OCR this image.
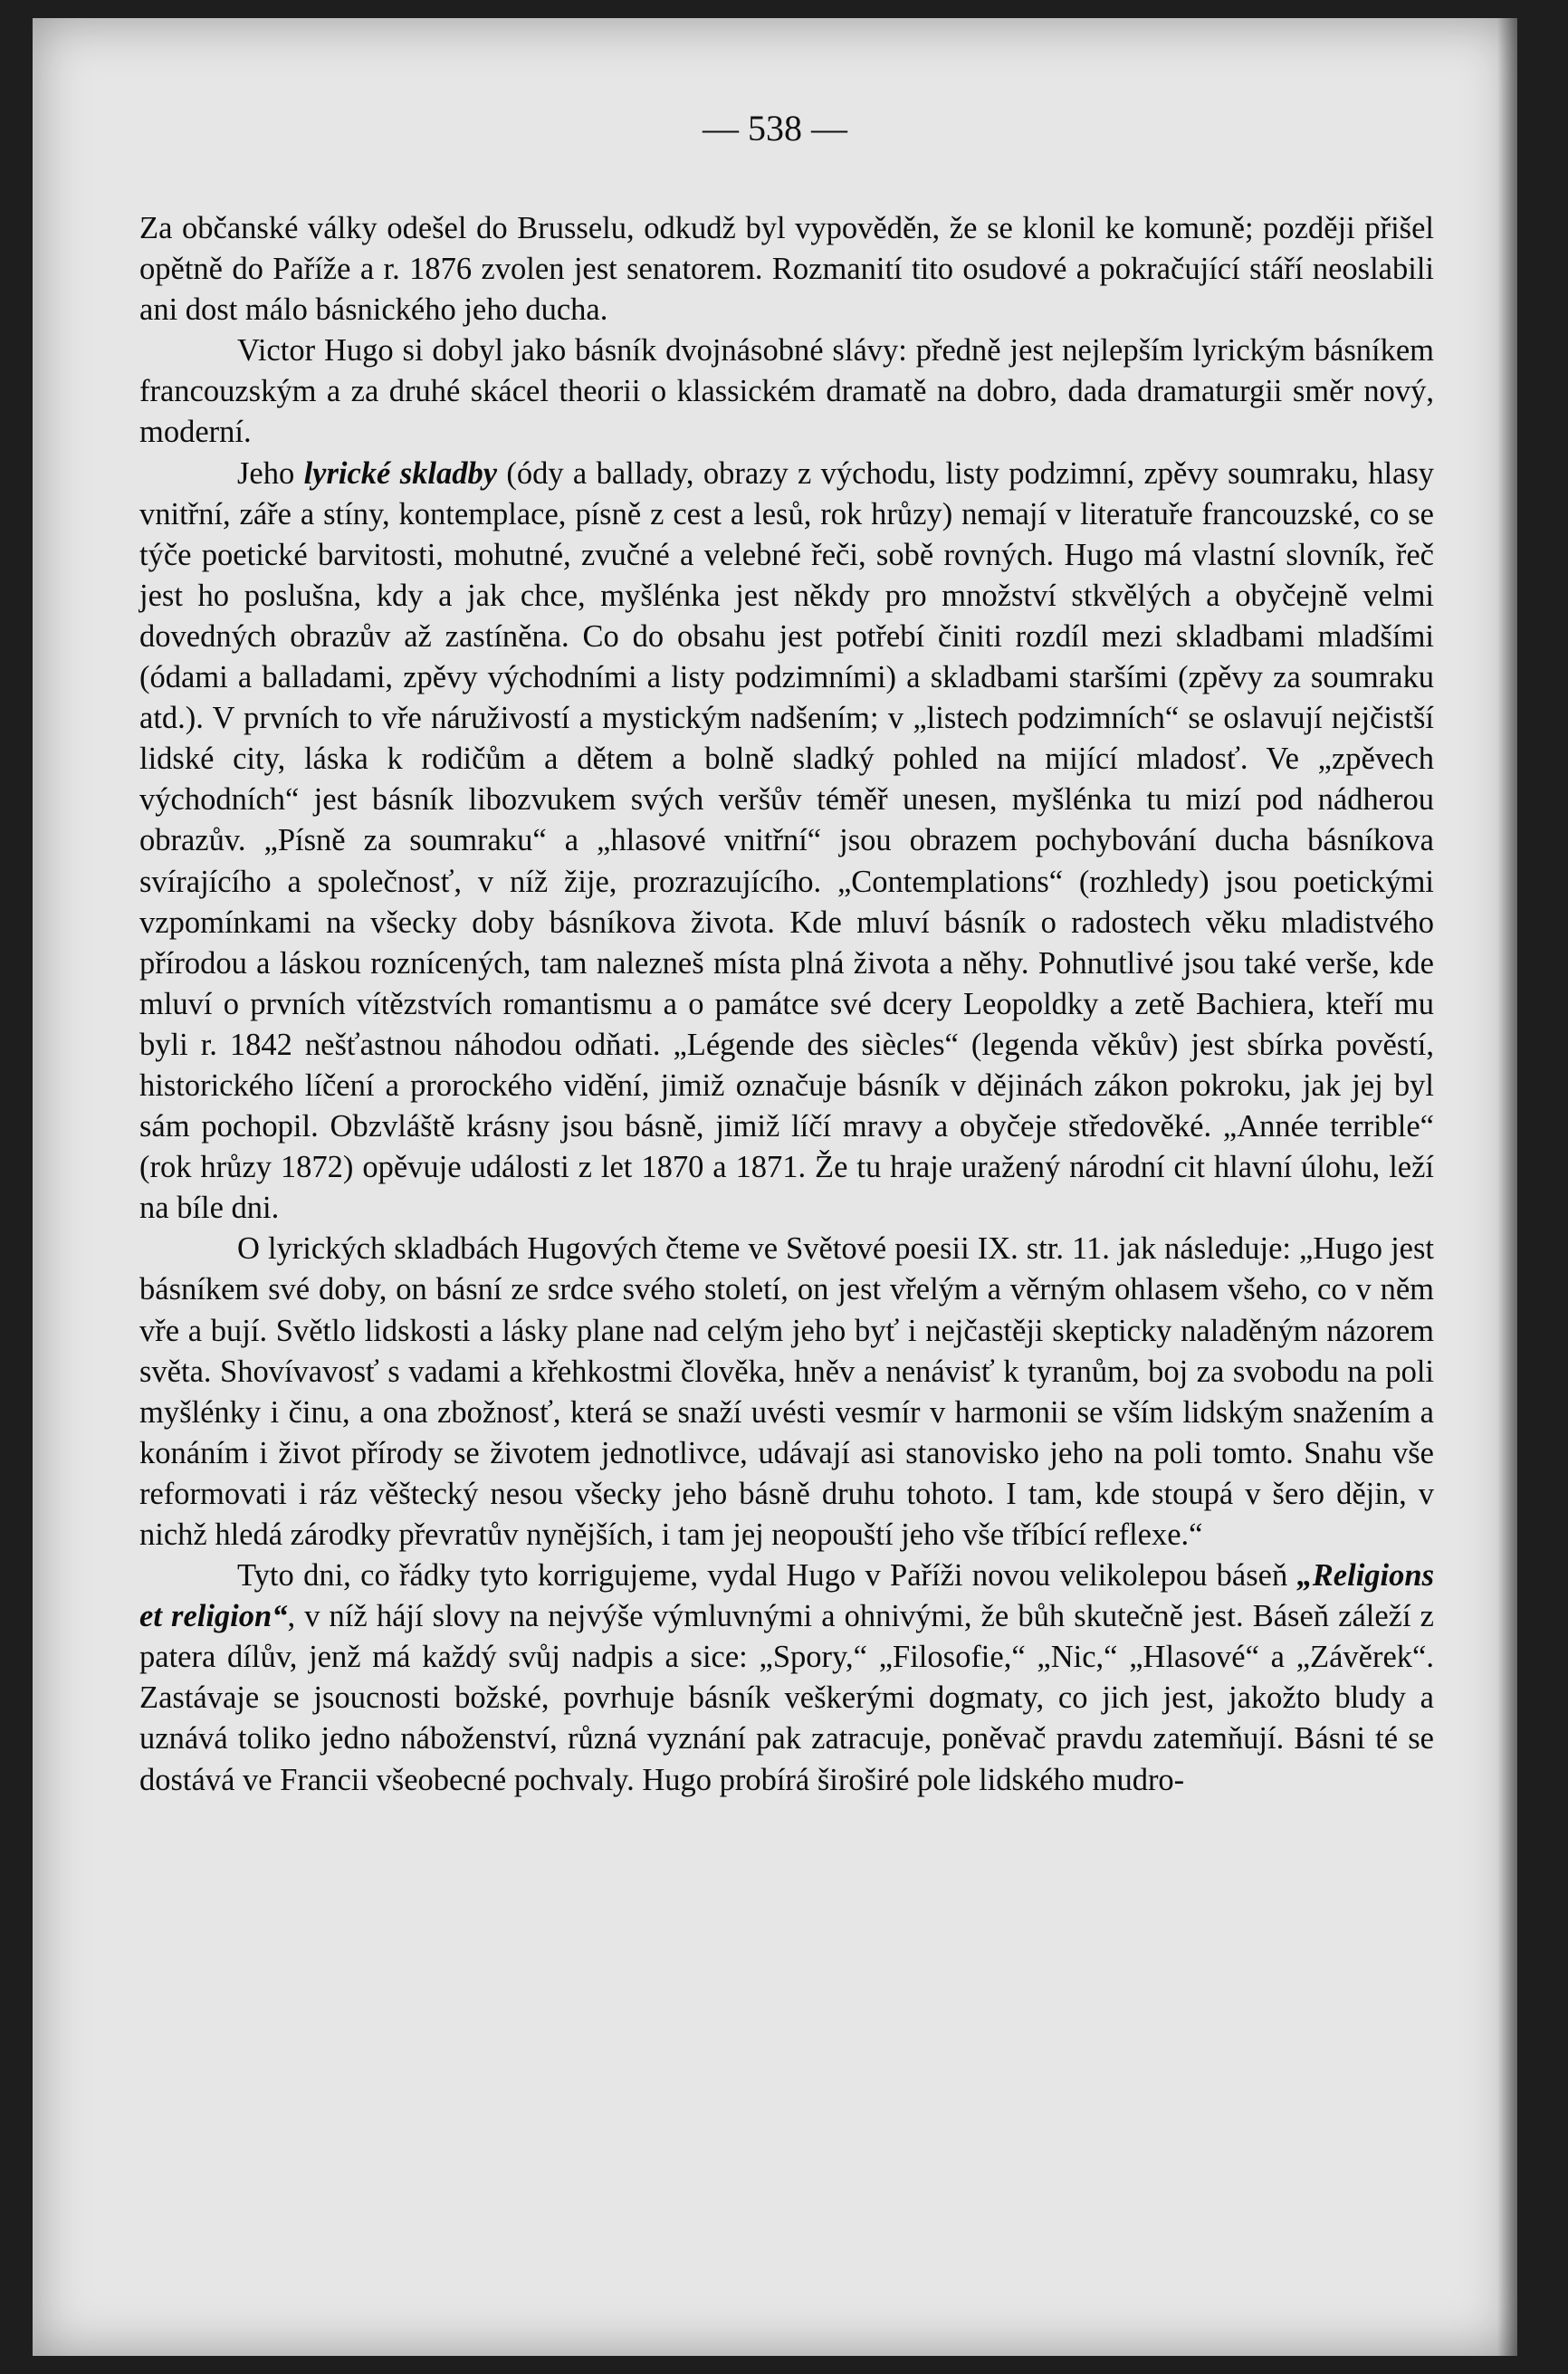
— 538 —

Za občanské války odešel do Brusselu, odkudž byl vypověděn, že se klonil ke komuně; později přišel opětně do Paříže a r. 1876 zvolen jest senatorem. Rozmanití tito osudové a pokračující stáří neoslabili ani dost málo básnického jeho ducha.

Victor Hugo si dobyl jako básník dvojnásobné slávy: předně jest nejlepším lyrickým básníkem francouzským a za druhé skácel theorii o klassickém dramatě na dobro, dada dramaturgii směr nový, moderní.

Jeho lyrické skladby (ódy a ballady, obrazy z východu, listy podzimní, zpěvy soumraku, hlasy vnitřní, záře a stíny, kontemplace, písně z cest a lesů, rok hrůzy) nemají v literatuře francouzské, co se týče poetické barvitosti, mohutné, zvučné a velebné řeči, sobě rovných. Hugo má vlastní slovník, řeč jest ho poslušna, kdy a jak chce, myšlénka jest někdy pro množství stkvělých a obyčejně velmi dovedných obrazův až zastíněna. Co do obsahu jest potřebí činiti rozdíl mezi skladbami mladšími (ódami a balladami, zpěvy východními a listy podzimními) a skladbami staršími (zpěvy za soumraku atd.). V prvních to vře náruživostí a mystickým nadšením; v „listech podzimních“ se oslavují nejčistší lidské city, láska k rodičům a dětem a bolně sladký pohled na mijící mladosť. Ve „zpěvech východních“ jest básník libozvukem svých veršův téměř unesen, myšlénka tu mizí pod nádherou obrazův. „Písně za soumraku“ a „hlasové vnitřní“ jsou obrazem pochybování ducha básníkova svírajícího a společnosť, v níž žije, prozrazujícího. „Contemplations“ (rozhledy) jsou poetickými vzpomínkami na všecky doby básníkova života. Kde mluví básník o radostech věku mladistvého přírodou a láskou roznícených, tam nalezneš místa plná života a něhy. Pohnutlivé jsou také verše, kde mluví o prvních vítězstvích romantismu a o památce své dcery Leopoldky a zetě Bachiera, kteří mu byli r. 1842 nešťastnou náhodou odňati. „Légende des siècles“ (legenda věkův) jest sbírka pověstí, historického líčení a prorockého vidění, jimiž označuje básník v dějinách zákon pokroku, jak jej byl sám pochopil. Obzvláště krásny jsou básně, jimiž líčí mravy a obyčeje středověké. „Année terrible“ (rok hrůzy 1872) opěvuje události z let 1870 a 1871. Že tu hraje uražený národní cit hlavní úlohu, leží na bíle dni.

O lyrických skladbách Hugových čteme ve Světové poesii IX. str. 11. jak následuje: „Hugo jest básníkem své doby, on básní ze srdce svého století, on jest vřelým a věrným ohlasem všeho, co v něm vře a bují. Světlo lidskosti a lásky plane nad celým jeho byť i nejčastěji skepticky naladěným názorem světa. Shovívavosť s vadami a křehkostmi člověka, hněv a nenávisť k tyranům, boj za svobodu na poli myšlénky i činu, a ona zbožnosť, která se snaží uvésti vesmír v harmonii se vším lidským snažením a konáním i život přírody se životem jednotlivce, udávají asi stanovisko jeho na poli tomto. Snahu vše reformovati i ráz věštecký nesou všecky jeho básně druhu tohoto. I tam, kde stoupá v šero dějin, v nichž hledá zárodky převratův nynějších, i tam jej neopouští jeho vše tříbící reflexe.“

Tyto dni, co řádky tyto korrigujeme, vydal Hugo v Paříži novou velikolepou báseň „Religions et religion“, v níž hájí slovy na nejvýše výmluvnými a ohnivými, že bůh skutečně jest. Báseň záleží z patera dílův, jenž má každý svůj nadpis a sice: „Spory,“ „Filosofie,“ „Nic,“ „Hlasové“ a „Závěrek“. Zastávaje se jsoucnosti božské, povrhuje básník veškerými dogmaty, co jich jest, jakožto bludy a uznává toliko jedno náboženství, různá vyznání pak zatracuje, poněvač pravdu zatemňují. Básni té se dostává ve Francii všeobecné pochvaly. Hugo probírá široširé pole lidského mudro-
